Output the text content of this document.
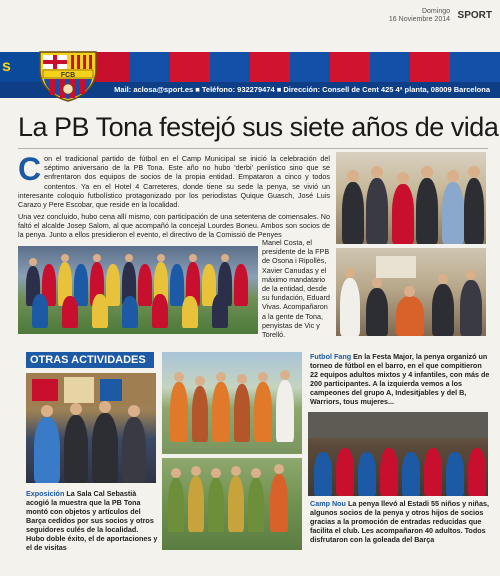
Domingo
16 Noviembre 2014 SPORT
s
Mail: aclosa@sport.es ■ Teléfono: 932279474 ■ Dirección: Consell de Cent 425 4ª planta, 08009 Barcelona
FCB
La PB Tona festejó sus siete años de vida
C on el tradicional partido de fútbol en el Camp Municipal se inició la celebración del séptimo aniversario de la PB Tona. Este año no hubo 'derbi' periístico sino que se enfrentaron dos equipos de socios de la propia entidad. Empataron a cinco y todos contentos. Ya en el Hotel 4 Carreteres, donde tiene su sede la penya, se vivió un interesante coloquio futbolístico protagonizado por los periodistas Quique Guasch, José Luis Carazo y Pere Escobar, que reside en la localidad.
Una vez concluido, hubo cena allí mismo, con participación de una setentena de comensales. No faltó el alcalde Josep Salom, al que acompañó la concejal Lourdes Boneu. Ambos son socios de la penya. Junto a ellos presidieron el evento, el directivo de la Comissió de Penyes
Manel Costa, el presidente de la FPB de Osona i Ripollès, Xavier Canudas y el máximo mandatario de la entidad, desde su fundación, Eduard Vivas. Acompañaron a la gente de Tona, penyistas de Vic y Torelló.
OTRAS ACTIVIDADES	Futbol Fang En la Festa Major, la penya organizó un torneo de fútbol en el barro, en el que compitieron 22 equipos adultos mixtos y 4 infantiles, con más de 200 participantes. A la izquierda vemos a los campeones del grupo A, Indesitjables y del B, Warriors, tous mujeres...
Exposición La Sala Cal Sebastià acogió la muestra que la PB Tona montó con objetos y artículos del Barça cedidos por sus socios y otros seguidores culés de la localidad. Hubo doble éxito, el de aportaciones y el de visitas
Camp Nou La penya llevó al Estadi 55 niños y niñas, algunos socios de la penya y otros hijos de socios gracias a la promoción de entradas reducidas que facilita el club. Les acompañaron 40 adultos. Todos disfrutaron con la goleada del Barça
